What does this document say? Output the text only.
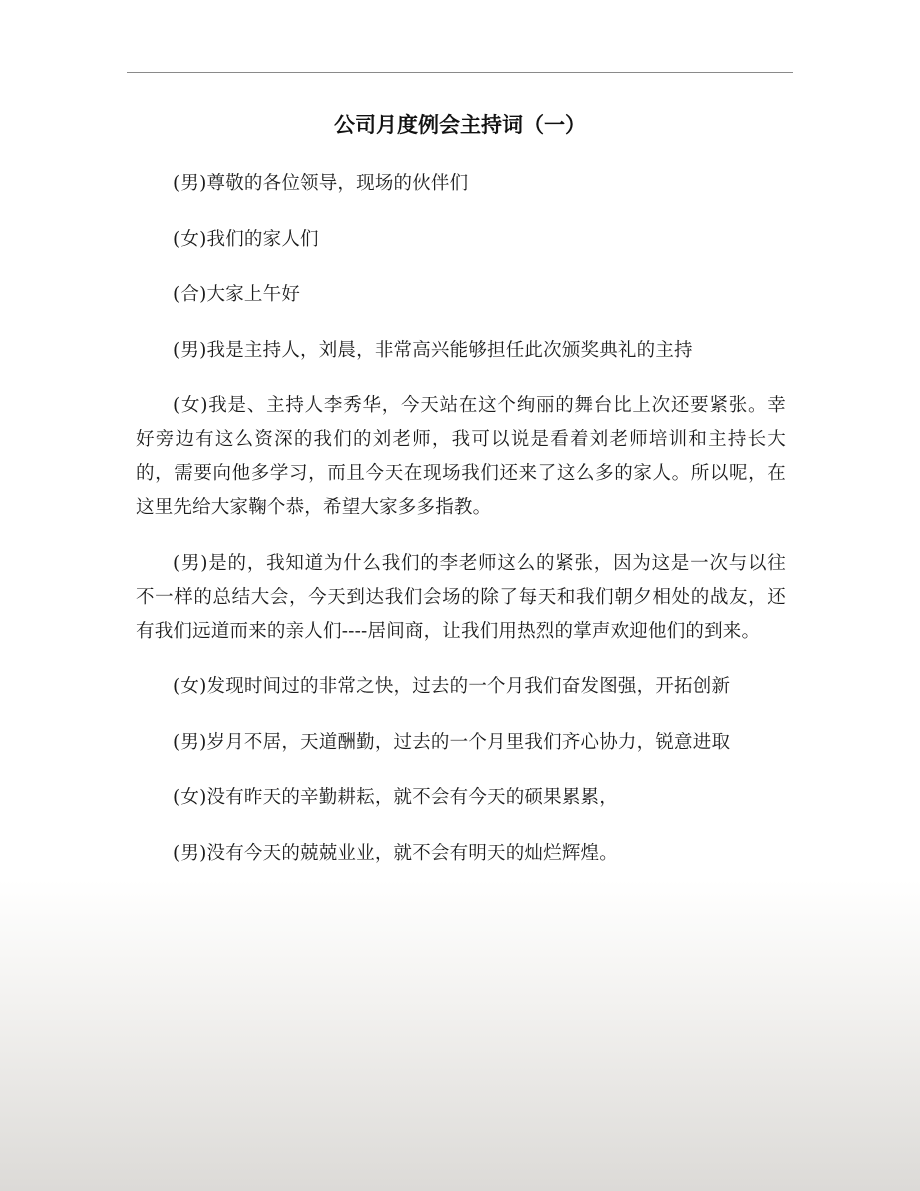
公司月度例会主持词（一）

(男)尊敬的各位领导，现场的伙伴们

(女)我们的家人们

(合)大家上午好

(男)我是主持人，刘晨，非常高兴能够担任此次颁奖典礼的主持

(女)我是、主持人李秀华，今天站在这个绚丽的舞台比上次还要紧张。幸好旁边有这么资深的我们的刘老师，我可以说是看着刘老师培训和主持长大的，需要向他多学习，而且今天在现场我们还来了这么多的家人。所以呢，在这里先给大家鞠个恭，希望大家多多指教。

(男)是的，我知道为什么我们的李老师这么的紧张，因为这是一次与以往不一样的总结大会，今天到达我们会场的除了每天和我们朝夕相处的战友，还有我们远道而来的亲人们----居间商，让我们用热烈的掌声欢迎他们的到来。

(女)发现时间过的非常之快，过去的一个月我们奋发图强，开拓创新

(男)岁月不居，天道酬勤，过去的一个月里我们齐心协力，锐意进取

(女)没有昨天的辛勤耕耘，就不会有今天的硕果累累，

(男)没有今天的兢兢业业，就不会有明天的灿烂辉煌。
